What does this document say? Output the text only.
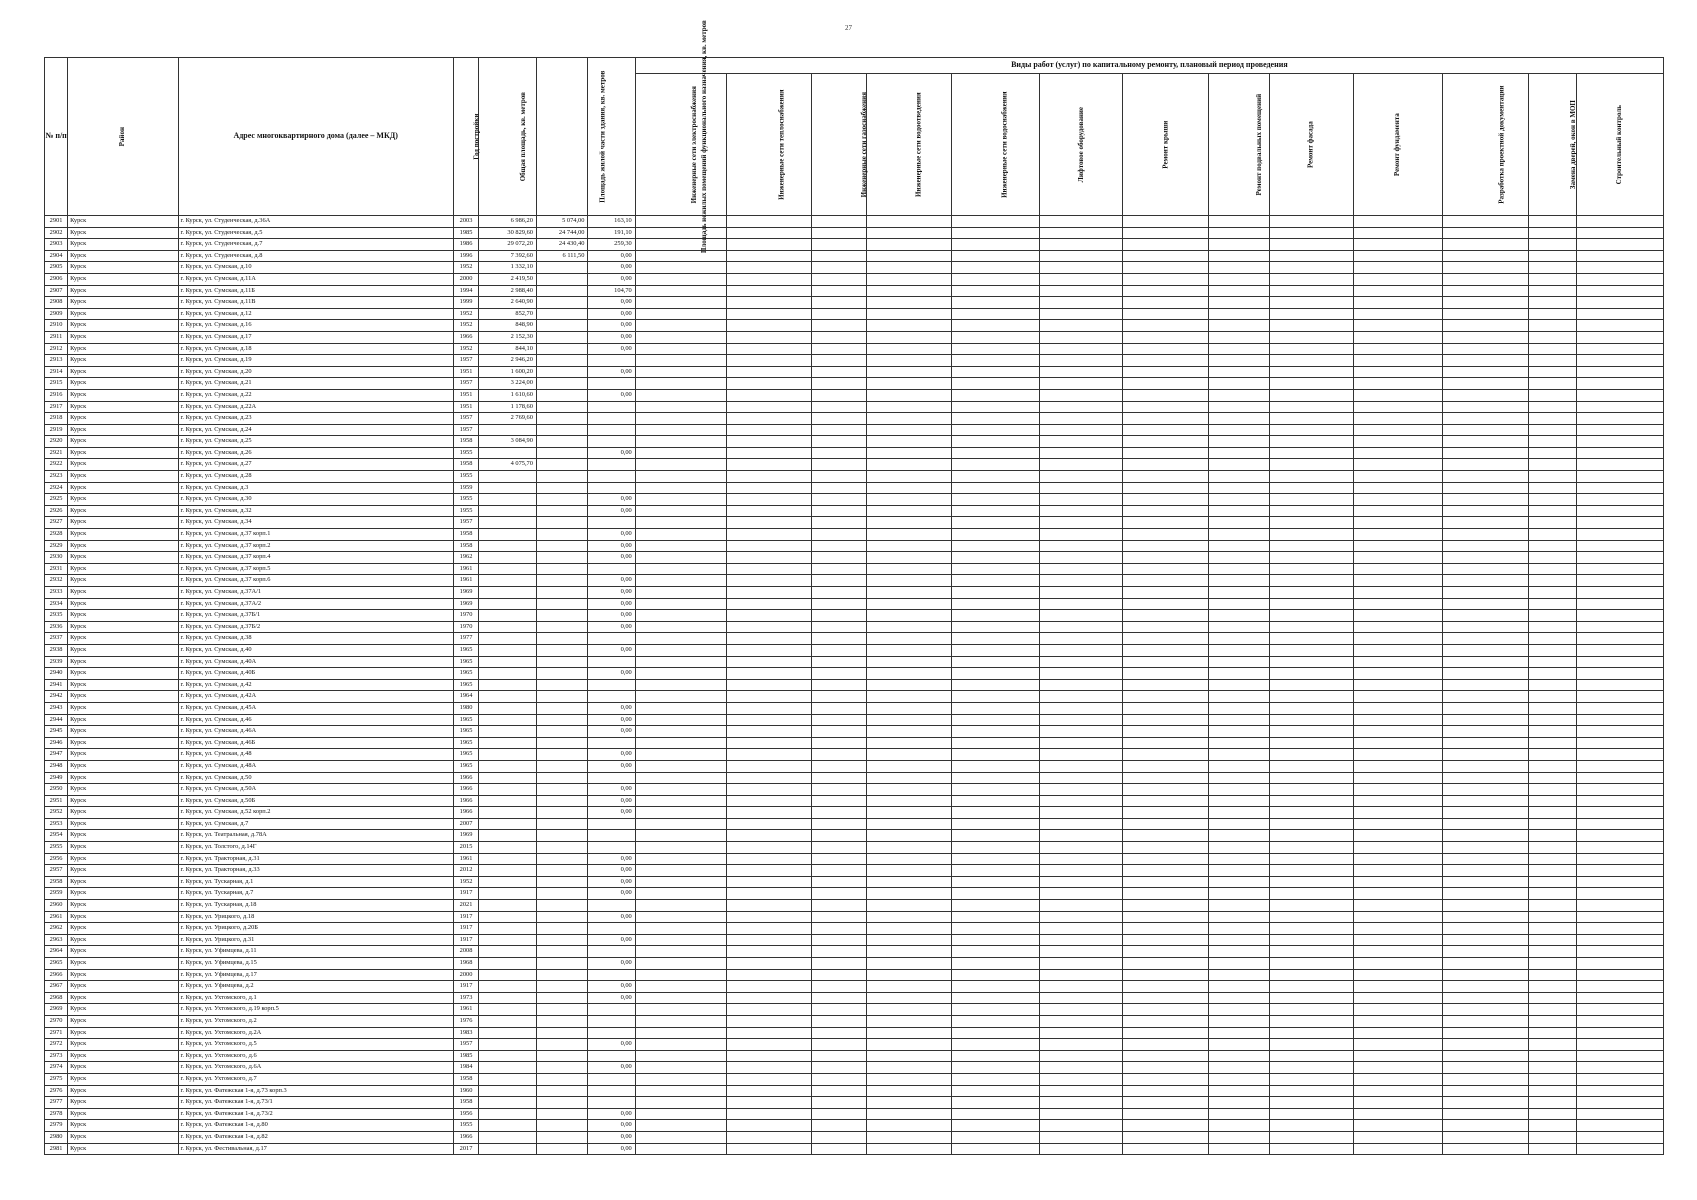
27
№ п/п	Район	Адрес многоквартирного дома (далее – МКД)	Год постройки	Общая площадь, кв. метров	Площадь жилой части здания, кв. метров	Площадь нежилых помещений функционального назначения, кв. метров	Виды работ (услуг) по капитальному ремонту, плановый период проведения												
							Инженерные сети электроснабжения	Инженерные сети теплоснабжения	Инженерные сети газоснабжения	Инженерные сети водоотведения	Инженерные сети водоснабжения	Лифтовое оборудование	Ремонт крыши	Ремонт подвальных помещений	Ремонт фасада	Ремонт фундамента	Разработка проектной документации	Замена дверей, окон в МОП	Строительный контроль
2901	Курск	г. Курск, ул. Студенческая, д.36А	2003	6 986,20	5 074,00	163,10													
2902	Курск	г. Курск, ул. Студенческая, д.5	1985	30 829,60	24 744,00	191,10													
2903	Курск	г. Курск, ул. Студенческая, д.7	1986	29 072,20	24 430,40	259,30													
2904	Курск	г. Курск, ул. Студенческая, д.8	1996	7 392,60	6 111,50	0,00													
2905	Курск	г. Курск, ул. Сумская, д.10	1952	1 332,10		0,00													
2906	Курск	г. Курск, ул. Сумская, д.11А	2000	2 419,50		0,00													
2907	Курск	г. Курск, ул. Сумская, д.11Б	1994	2 988,40		104,70													
2908	Курск	г. Курск, ул. Сумская, д.11В	1999	2 640,90		0,00													
2909	Курск	г. Курск, ул. Сумская, д.12	1952	852,70		0,00													
2910	Курск	г. Курск, ул. Сумская, д.16	1952	848,90		0,00													
2911	Курск	г. Курск, ул. Сумская, д.17	1966	2 152,30		0,00													
2912	Курск	г. Курск, ул. Сумская, д.18	1952	844,10		0,00													
2913	Курск	г. Курск, ул. Сумская, д.19	1957	2 946,20															
2914	Курск	г. Курск, ул. Сумская, д.20	1951	1 600,20		0,00													
2915	Курск	г. Курск, ул. Сумская, д.21	1957	3 224,00															
2916	Курск	г. Курск, ул. Сумская, д.22	1951	1 610,60		0,00													
2917	Курск	г. Курск, ул. Сумская, д.22А	1951	1 178,60															
2918	Курск	г. Курск, ул. Сумская, д.23	1957	2 769,60															
2919	Курск	г. Курск, ул. Сумская, д.24	1957																
2920	Курск	г. Курск, ул. Сумская, д.25	1958	3 084,90															
2921	Курск	г. Курск, ул. Сумская, д.26	1955			0,00													
2922	Курск	г. Курск, ул. Сумская, д.27	1958	4 075,70															
2923	Курск	г. Курск, ул. Сумская, д.28	1955																
2924	Курск	г. Курск, ул. Сумская, д.3	1959																
2925	Курск	г. Курск, ул. Сумская, д.30	1955			0,00													
2926	Курск	г. Курск, ул. Сумская, д.32	1955			0,00													
2927	Курск	г. Курск, ул. Сумская, д.34	1957																
2928	Курск	г. Курск, ул. Сумская, д.37 корп.1	1958			0,00													
2929	Курск	г. Курск, ул. Сумская, д.37 корп.2	1958			0,00													
2930	Курск	г. Курск, ул. Сумская, д.37 корп.4	1962			0,00													
2931	Курск	г. Курск, ул. Сумская, д.37 корп.5	1961																
2932	Курск	г. Курск, ул. Сумская, д.37 корп.6	1961			0,00													
2933	Курск	г. Курск, ул. Сумская, д.37А/1	1969			0,00													
2934	Курск	г. Курск, ул. Сумская, д.37А/2	1969			0,00													
2935	Курск	г. Курск, ул. Сумская, д.37Б/1	1970			0,00													
2936	Курск	г. Курск, ул. Сумская, д.37Б/2	1970			0,00													
2937	Курск	г. Курск, ул. Сумская, д.38	1977																
2938	Курск	г. Курск, ул. Сумская, д.40	1965			0,00													
2939	Курск	г. Курск, ул. Сумская, д.40А	1965																
2940	Курск	г. Курск, ул. Сумская, д.40Б	1965			0,00													
2941	Курск	г. Курск, ул. Сумская, д.42	1965																
2942	Курск	г. Курск, ул. Сумская, д.42А	1964																
2943	Курск	г. Курск, ул. Сумская, д.45А	1980			0,00													
2944	Курск	г. Курск, ул. Сумская, д.46	1965			0,00													
2945	Курск	г. Курск, ул. Сумская, д.46А	1965			0,00													
2946	Курск	г. Курск, ул. Сумская, д.46Б	1965																
2947	Курск	г. Курск, ул. Сумская, д.48	1965			0,00													
2948	Курск	г. Курск, ул. Сумская, д.48А	1965			0,00													
2949	Курск	г. Курск, ул. Сумская, д.50	1966																
2950	Курск	г. Курск, ул. Сумская, д.50А	1966			0,00													
2951	Курск	г. Курск, ул. Сумская, д.50Б	1966			0,00													
2952	Курск	г. Курск, ул. Сумская, д.52 корп.2	1966			0,00													
2953	Курск	г. Курск, ул. Сумская, д.7	2007																
2954	Курск	г. Курск, ул. Театральная, д.78А	1969																
2955	Курск	г. Курск, ул. Толстого, д.14Г	2015																
2956	Курск	г. Курск, ул. Тракторная, д.31	1961			0,00													
2957	Курск	г. Курск, ул. Тракторная, д.33	2012			0,00													
2958	Курск	г. Курск, ул. Тускарная, д.1	1952			0,00													
2959	Курск	г. Курск, ул. Тускарная, д.7	1917			0,00													
2960	Курск	г. Курск, ул. Тускарная, д.18	2021																
2961	Курск	г. Курск, ул. Урицкого, д.18	1917			0,00													
2962	Курск	г. Курск, ул. Урицкого, д.20Б	1917																
2963	Курск	г. Курск, ул. Урицкого, д.31	1917			0,00													
2964	Курск	г. Курск, ул. Уфимцева, д.11	2008																
2965	Курск	г. Курск, ул. Уфимцева, д.15	1968			0,00													
2966	Курск	г. Курск, ул. Уфимцева, д.17	2000																
2967	Курск	г. Курск, ул. Уфимцева, д.2	1917			0,00													
2968	Курск	г. Курск, ул. Ухтомского, д.1	1973			0,00													
2969	Курск	г. Курск, ул. Ухтомского, д.19 корп.5	1961																
2970	Курск	г. Курск, ул. Ухтомского, д.2	1976																
2971	Курск	г. Курск, ул. Ухтомского, д.2А	1983																
2972	Курск	г. Курск, ул. Ухтомского, д.5	1957			0,00													
2973	Курск	г. Курск, ул. Ухтомского, д.6	1985																
2974	Курск	г. Курск, ул. Ухтомского, д.6А	1984			0,00													
2975	Курск	г. Курск, ул. Ухтомского, д.7	1958																
2976	Курск	г. Курск, ул. Фатежская 1-я, д.73 корп.3	1960																
2977	Курск	г. Курск, ул. Фатежская 1-я, д.73/1	1958																
2978	Курск	г. Курск, ул. Фатежская 1-я, д.73/2	1956			0,00													
2979	Курск	г. Курск, ул. Фатежская 1-я, д.80	1955			0,00													
2980	Курск	г. Курск, ул. Фатежская 1-я, д.82	1966			0,00													
2981	Курск	г. Курск, ул. Фестивальная, д.17	2017			0,00													
